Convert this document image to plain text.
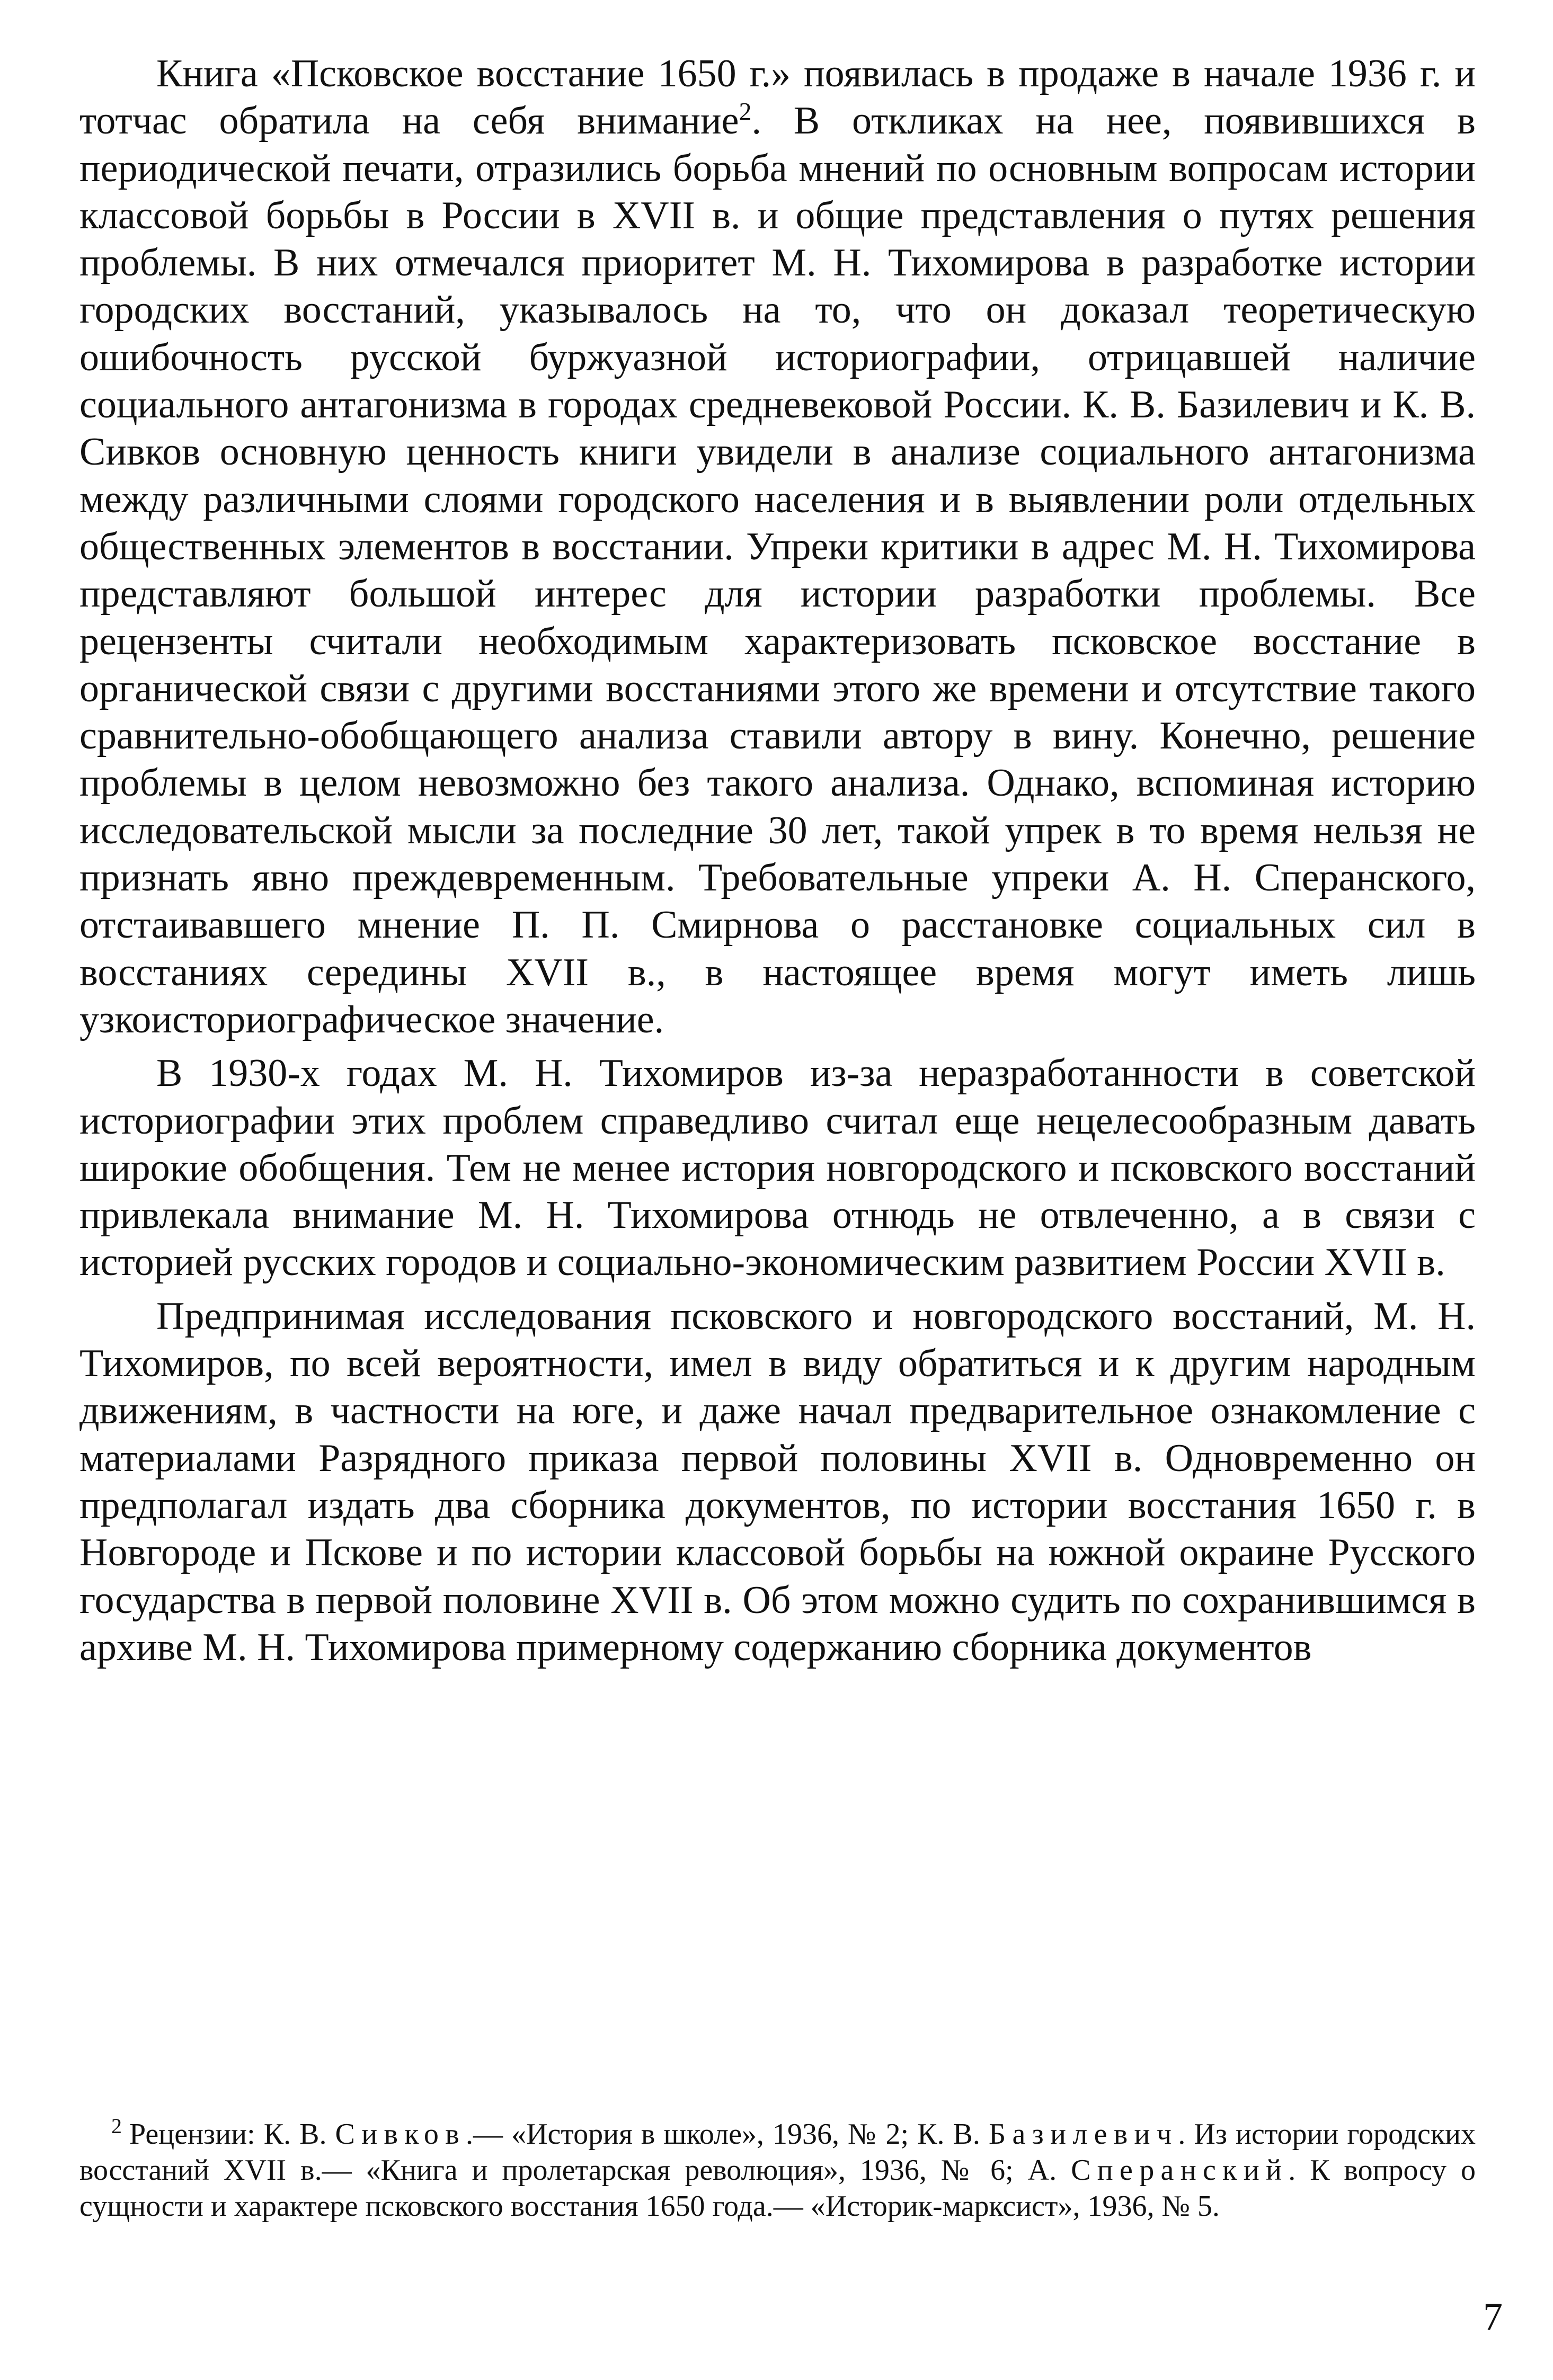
Книга «Псковское восстание 1650 г.» появилась в продаже в начале 1936 г. и тотчас обратила на себя внимание$^2$. В откликах на нее, появившихся в периодической печати, отразились борьба мнений по основным вопросам истории классовой борьбы в России в XVII в. и общие представления о путях решения проблемы. В них отмечался приоритет М. Н. Тихомирова в разработке истории городских восстаний, указывалось на то, что он доказал теоретическую ошибочность русской буржуазной историографии, отрицавшей наличие социального антагонизма в городах средневековой России. К. В. Базилевич и К. В. Сивков основную ценность книги увидели в анализе социального антагонизма между различными слоями городского населения и в выявлении роли отдельных общественных элементов в восстании. Упреки критики в адрес М. Н. Тихомирова представляют большой интерес для истории разработки проблемы. Все рецензенты считали необходимым характеризовать псковское восстание в органической связи с другими восстаниями этого же времени и отсутствие такого сравнительно-обобщающего анализа ставили автору в вину. Конечно, решение проблемы в целом невозможно без такого анализа. Однако, вспоминая историю исследовательской мысли за последние 30 лет, такой упрек в то время нельзя не признать явно преждевременным. Требовательные упреки А. Н. Сперанского, отстаивавшего мнение П. П. Смирнова о расстановке социальных сил в восстаниях середины XVII в., в настоящее время могут иметь лишь узкоисториографическое значение.

В 1930-х годах М. Н. Тихомиров из-за неразработанности в советской историографии этих проблем справедливо считал еще нецелесообразным давать широкие обобщения. Тем не менее история новгородского и псковского восстаний привлекала внимание М. Н. Тихомирова отнюдь не отвлеченно, а в связи с историей русских городов и социально-экономическим развитием России XVII в.

Предпринимая исследования псковского и новгородского восстаний, М. Н. Тихомиров, по всей вероятности, имел в виду обратиться и к другим народным движениям, в частности на юге, и даже начал предварительное ознакомление с материалами Разрядного приказа первой половины XVII в. Одновременно он предполагал издать два сборника документов, по истории восстания 1650 г. в Новгороде и Пскове и по истории классовой борьбы на южной окраине Русского государства в первой половине XVII в. Об этом можно судить по сохранившимся в архиве М. Н. Тихомирова примерному содержанию сборника документов

$^2$ Рецензии: К. В. Сивков.— «История в школе», 1936, № 2; К. В. Базилевич. Из истории городских восстаний XVII в.— «Книга и пролетарская революция», 1936, № 6; А. Сперанский. К вопросу о сущности и характере псковского восстания 1650 года.— «Историк-марксист», 1936, № 5.
7
